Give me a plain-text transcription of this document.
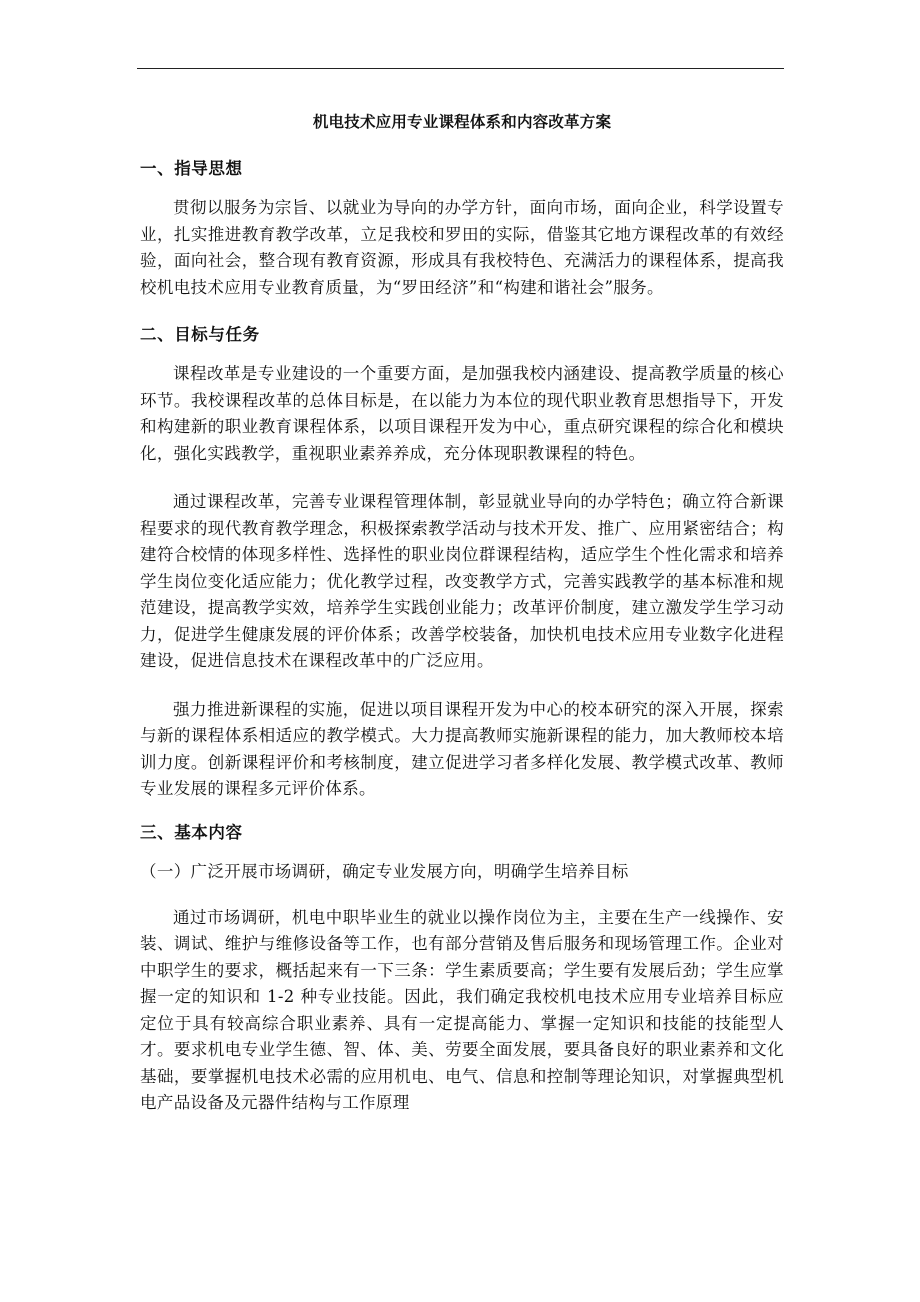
机电技术应用专业课程体系和内容改革方案
一、指导思想

贯彻以服务为宗旨、以就业为导向的办学方针，面向市场，面向企业，科学设置专业，扎实推进教育教学改革，立足我校和罗田的实际，借鉴其它地方课程改革的有效经验，面向社会，整合现有教育资源，形成具有我校特色、充满活力的课程体系，提高我校机电技术应用专业教育质量，为“罗田经济”和“构建和谐社会”服务。

二、目标与任务

课程改革是专业建设的一个重要方面，是加强我校内涵建设、提高教学质量的核心环节。我校课程改革的总体目标是，在以能力为本位的现代职业教育思想指导下，开发和构建新的职业教育课程体系，以项目课程开发为中心，重点研究课程的综合化和模块化，强化实践教学，重视职业素养养成，充分体现职教课程的特色。

通过课程改革，完善专业课程管理体制，彰显就业导向的办学特色；确立符合新课程要求的现代教育教学理念，积极探索教学活动与技术开发、推广、应用紧密结合；构建符合校情的体现多样性、选择性的职业岗位群课程结构，适应学生个性化需求和培养学生岗位变化适应能力；优化教学过程，改变教学方式，完善实践教学的基本标准和规范建设，提高教学实效，培养学生实践创业能力；改革评价制度，建立激发学生学习动力，促进学生健康发展的评价体系；改善学校装备，加快机电技术应用专业数字化进程建设，促进信息技术在课程改革中的广泛应用。

强力推进新课程的实施，促进以项目课程开发为中心的校本研究的深入开展，探索与新的课程体系相适应的教学模式。大力提高教师实施新课程的能力，加大教师校本培训力度。创新课程评价和考核制度，建立促进学习者多样化发展、教学模式改革、教师专业发展的课程多元评价体系。

三、基本内容

（一）广泛开展市场调研，确定专业发展方向，明确学生培养目标

通过市场调研，机电中职毕业生的就业以操作岗位为主，主要在生产一线操作、安装、调试、维护与维修设备等工作，也有部分营销及售后服务和现场管理工作。企业对中职学生的要求，概括起来有一下三条：学生素质要高；学生要有发展后劲；学生应掌握一定的知识和 1-2 种专业技能。因此，我们确定我校机电技术应用专业培养目标应定位于具有较高综合职业素养、具有一定提高能力、掌握一定知识和技能的技能型人才。要求机电专业学生德、智、体、美、劳要全面发展，要具备良好的职业素养和文化基础，要掌握机电技术必需的应用机电、电气、信息和控制等理论知识，对掌握典型机电产品设备及元器件结构与工作原理
